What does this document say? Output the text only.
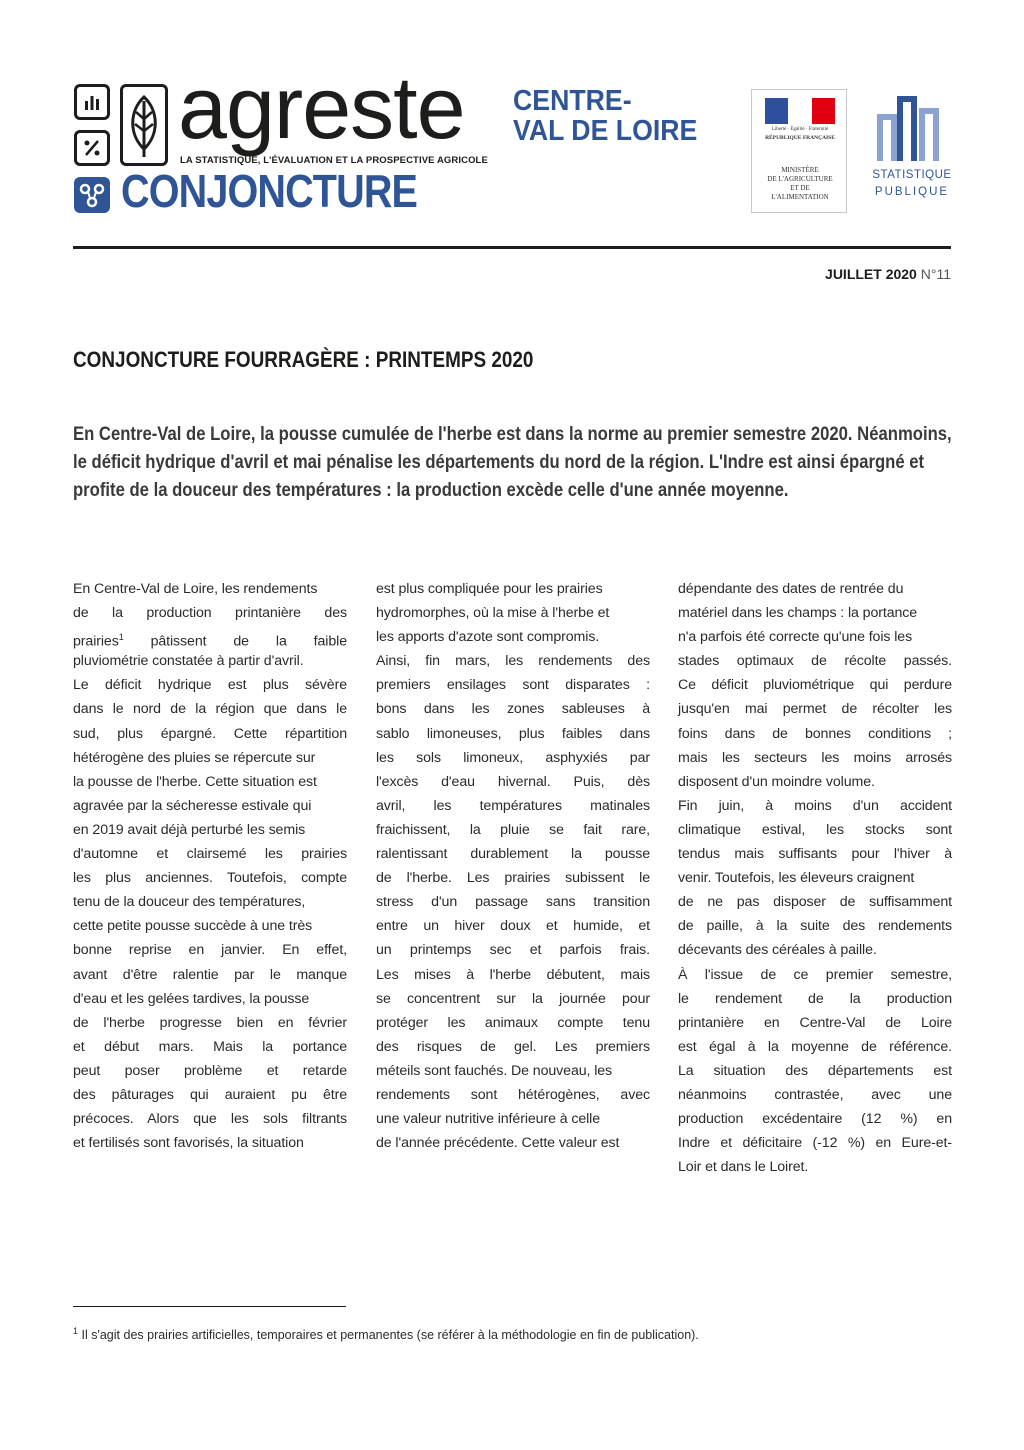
agreste
LA STATISTIQUE, L'ÉVALUATION ET LA PROSPECTIVE AGRICOLE
CONJONCTURE
CENTRE-
VAL DE LOIRE	Liberté · Égalité · Fraternité
RÉPUBLIQUE FRANÇAISE
MINISTÈRE
DE L'AGRICULTURE
ET DE
L'ALIMENTATION
STATISTIQUE
PUBLIQUE
JUILLET 2020 N°11
CONJONCTURE FOURRAGÈRE : PRINTEMPS 2020
En Centre-Val de Loire, la pousse cumulée de l'herbe est dans la norme au premier semestre 2020. Néanmoins,
le déficit hydrique d'avril et mai pénalise les départements du nord de la région. L'Indre est ainsi épargné et
profite de la douceur des températures : la production excède celle d'une année moyenne.
En Centre-Val de Loire, les rendements
de la production printanière des
prairies$^1$ pâtissent de la faible
pluviométrie constatée à partir d'avril.
Le déficit hydrique est plus sévère
dans le nord de la région que dans le
sud, plus épargné. Cette répartition
hétérogène des pluies se répercute sur
la pousse de l'herbe. Cette situation est
agravée par la sécheresse estivale qui
en 2019 avait déjà perturbé les semis
d'automne et clairsemé les prairies
les plus anciennes. Toutefois, compte
tenu de la douceur des températures,
cette petite pousse succède à une très
bonne reprise en janvier. En effet,
avant d'être ralentie par le manque
d'eau et les gelées tardives, la pousse
de l'herbe progresse bien en février
et début mars. Mais la portance
peut poser problème et retarde
des pâturages qui auraient pu être
précoces. Alors que les sols filtrants
et fertilisés sont favorisés, la situation
est plus compliquée pour les prairies
hydromorphes, où la mise à l'herbe et
les apports d'azote sont compromis.
Ainsi, fin mars, les rendements des
premiers ensilages sont disparates :
bons dans les zones sableuses à
sablo limoneuses, plus faibles dans
les sols limoneux, asphyxiés par
l'excès d'eau hivernal. Puis, dès
avril, les températures matinales
fraichissent, la pluie se fait rare,
ralentissant durablement la pousse
de l'herbe. Les prairies subissent le
stress d'un passage sans transition
entre un hiver doux et humide, et
un printemps sec et parfois frais.
Les mises à l'herbe débutent, mais
se concentrent sur la journée pour
protéger les animaux compte tenu
des risques de gel. Les premiers
méteils sont fauchés. De nouveau, les
rendements sont hétérogènes, avec
une valeur nutritive inférieure à celle
de l'année précédente. Cette valeur est
dépendante des dates de rentrée du
matériel dans les champs : la portance
n'a parfois été correcte qu'une fois les
stades optimaux de récolte passés.
Ce déficit pluviométrique qui perdure
jusqu'en mai permet de récolter les
foins dans de bonnes conditions ;
mais les secteurs les moins arrosés
disposent d'un moindre volume.
Fin juin, à moins d'un accident
climatique estival, les stocks sont
tendus mais suffisants pour l'hiver à
venir. Toutefois, les éleveurs craignent
de ne pas disposer de suffisamment
de paille, à la suite des rendements
décevants des céréales à paille.
À l'issue de ce premier semestre,
le rendement de la production
printanière en Centre-Val de Loire
est égal à la moyenne de référence.
La situation des départements est
néanmoins contrastée, avec une
production excédentaire (12 %) en
Indre et déficitaire (-12 %) en Eure-et-
Loir et dans le Loiret.
$^1$ Il s'agit des prairies artificielles, temporaires et permanentes (se référer à la méthodologie en fin de publication).
